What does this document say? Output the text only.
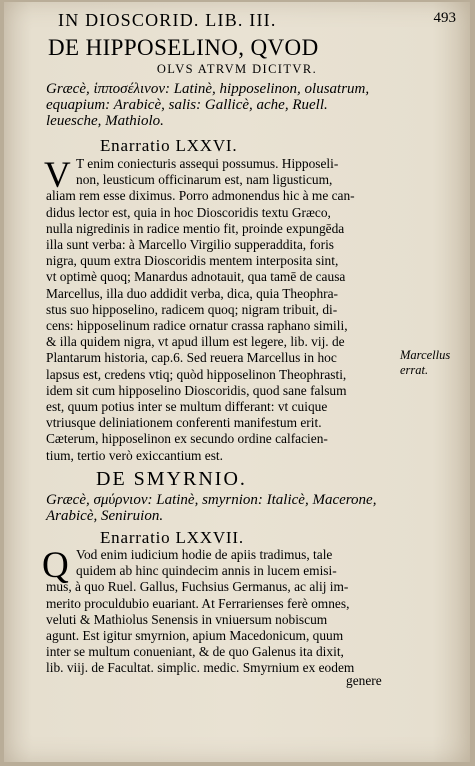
IN DIOSCORID. LIB. III.	493
DE HIPPOSELINO, QVOD
OLVS ATRVM DICITVR.
Græcè, ἱπποσέλινον: Latinè, hipposelinon, olusatrum,
equapium: Arabicè, salis: Gallicè, ache, Ruell.
leuesche, Mathiolo.
Enarratio LXXVI.
V T enim coniecturis assequi possumus. Hipposeli-
non, leusticum officinarum est, nam ligusticum,
aliam rem esse diximus. Porro admonendus hic à me can-
didus lector est, quia in hoc Dioscoridis textu Græco,
nulla nigredinis in radice mentio fit, proinde expungēda
illa sunt verba: à Marcello Virgilio supperaddita, foris
nigra, quum extra Dioscoridis mentem interposita sint,
vt optimè quoq; Manardus adnotauit, qua tamē de causa
Marcellus, illa duo addidit verba, dica, quia Theophra-
stus suo hipposelino, radicem quoq; nigram tribuit, di-
cens: hipposelinum radice ornatur crassa raphano simili,
& illa quidem nigra, vt apud illum est legere, lib. vij. de
Plantarum historia, cap.6. Sed reuera Marcellus in hoc
lapsus est, credens vtiq; quòd hipposelinon Theophrasti,
idem sit cum hipposelino Dioscoridis, quod sane falsum
est, quum potius inter se multum differant: vt cuique
vtriusque deliniationem conferenti manifestum erit.
Cæterum, hipposelinon ex secundo ordine calfacien-
tium, tertio verò exiccantium est.
Marcellus
errat.
DE SMYRNIO.
Græcè, σμύρνιον: Latinè, smyrnion: Italicè, Macerone,
Arabicè, Seniruion.
Enarratio LXXVII.
Q Vod enim iudicium hodie de apiis tradimus, tale
quidem ab hinc quindecim annis in lucem emisi-
mus, à quo Ruel. Gallus, Fuchsius Germanus, ac alij im-
merito proculdubio euariant. At Ferrarienses ferè omnes,
veluti & Mathiolus Senensis in vniuersum nobiscum
agunt. Est igitur smyrnion, apium Macedonicum, quum
inter se multum conueniant, & de quo Galenus ita dixit,
lib. viij. de Facultat. simplic. medic. Smyrnium ex eodem
genere
